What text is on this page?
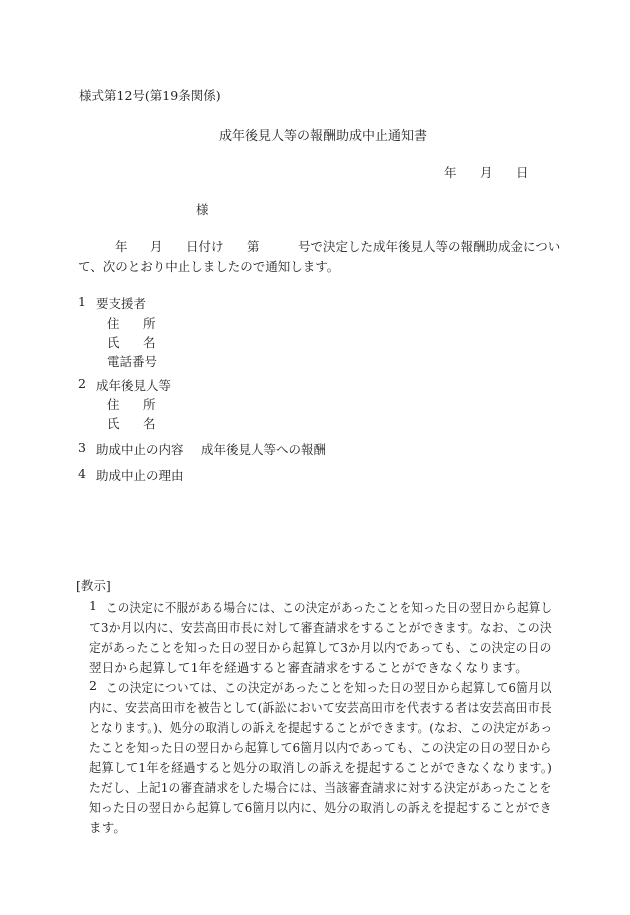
様式第12号(第19条関係)
成年後見人等の報酬助成中止通知書
年 月 日
様
年 月 日付け 第	号で決定した成年後見人等の報酬助成金につい
て、次のとおり中止しましたので通知します。
1 要支援者
住 所
氏 名
電話番号
2 成年後見人等
住 所
氏 名
3 助成中止の内容 成年後見人等への報酬
4 助成中止の理由
[教示]
1 この決定に不服がある場合には、この決定があったことを知った日の翌日から起算し
て3か月以内に、安芸高田市長に対して審査請求をすることができます。なお、この決
定があったことを知った日の翌日から起算して3か月以内であっても、この決定の日の
翌日から起算して1年を経過すると審査請求をすることができなくなります。
2 この決定については、この決定があったことを知った日の翌日から起算して6箇月以
内に、安芸高田市を被告として(訴訟において安芸高田市を代表する者は安芸高田市長
となります。)、処分の取消しの訴えを提起することができます。(なお、この決定があっ
たことを知った日の翌日から起算して6箇月以内であっても、この決定の日の翌日から
起算して1年を経過すると処分の取消しの訴えを提起することができなくなります。)
ただし、上記1の審査請求をした場合には、当該審査請求に対する決定があったことを
知った日の翌日から起算して6箇月以内に、処分の取消しの訴えを提起することができ
ます。
